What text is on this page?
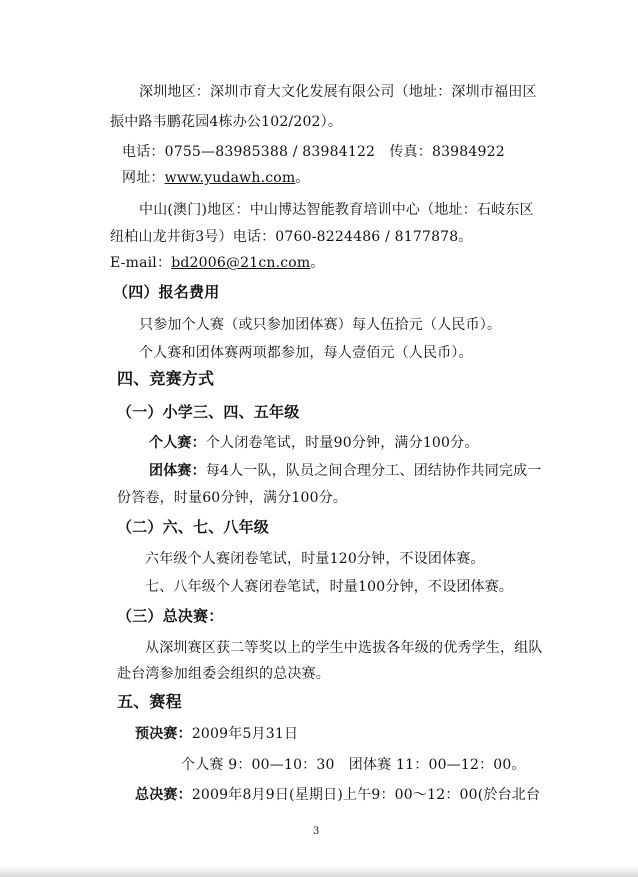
深圳地区：深圳市育大文化发展有限公司（地址：深圳市福田区
振中路韦鹏花园4栋办公102/202）。
电话：0755—83985388 / 83984122　传真：83984922
网址：www.yudawh.com。
中山(澳门)地区：中山博达智能教育培训中心（地址：石岐东区
纽柏山龙井街3号）电话：0760-8224486 / 8177878。
E-mail：bd2006@21cn.com。
（四）报名费用
只参加个人赛（或只参加团体赛）每人伍拾元（人民币）。
个人赛和团体赛两项都参加，每人壹佰元（人民币）。
四、竞赛方式
（一）小学三、四、五年级
个人赛：个人闭卷笔试，时量90分钟，满分100分。
团体赛：每4人一队，队员之间合理分工、团结协作共同完成一
份答卷，时量60分钟，满分100分。
（二）六、七、八年级
六年级个人赛闭卷笔试，时量120分钟，不设团体赛。
七、八年级个人赛闭卷笔试，时量100分钟，不设团体赛。
（三）总决赛：
从深圳赛区获二等奖以上的学生中选拔各年级的优秀学生，组队
赴台湾参加组委会组织的总决赛。
五、赛程
预决赛：2009年5月31日
个人赛 9：00—10：30　团体赛 11：00—12：00。
总决赛：2009年8月9日(星期日)上午9：00～12：00(於台北台
3
